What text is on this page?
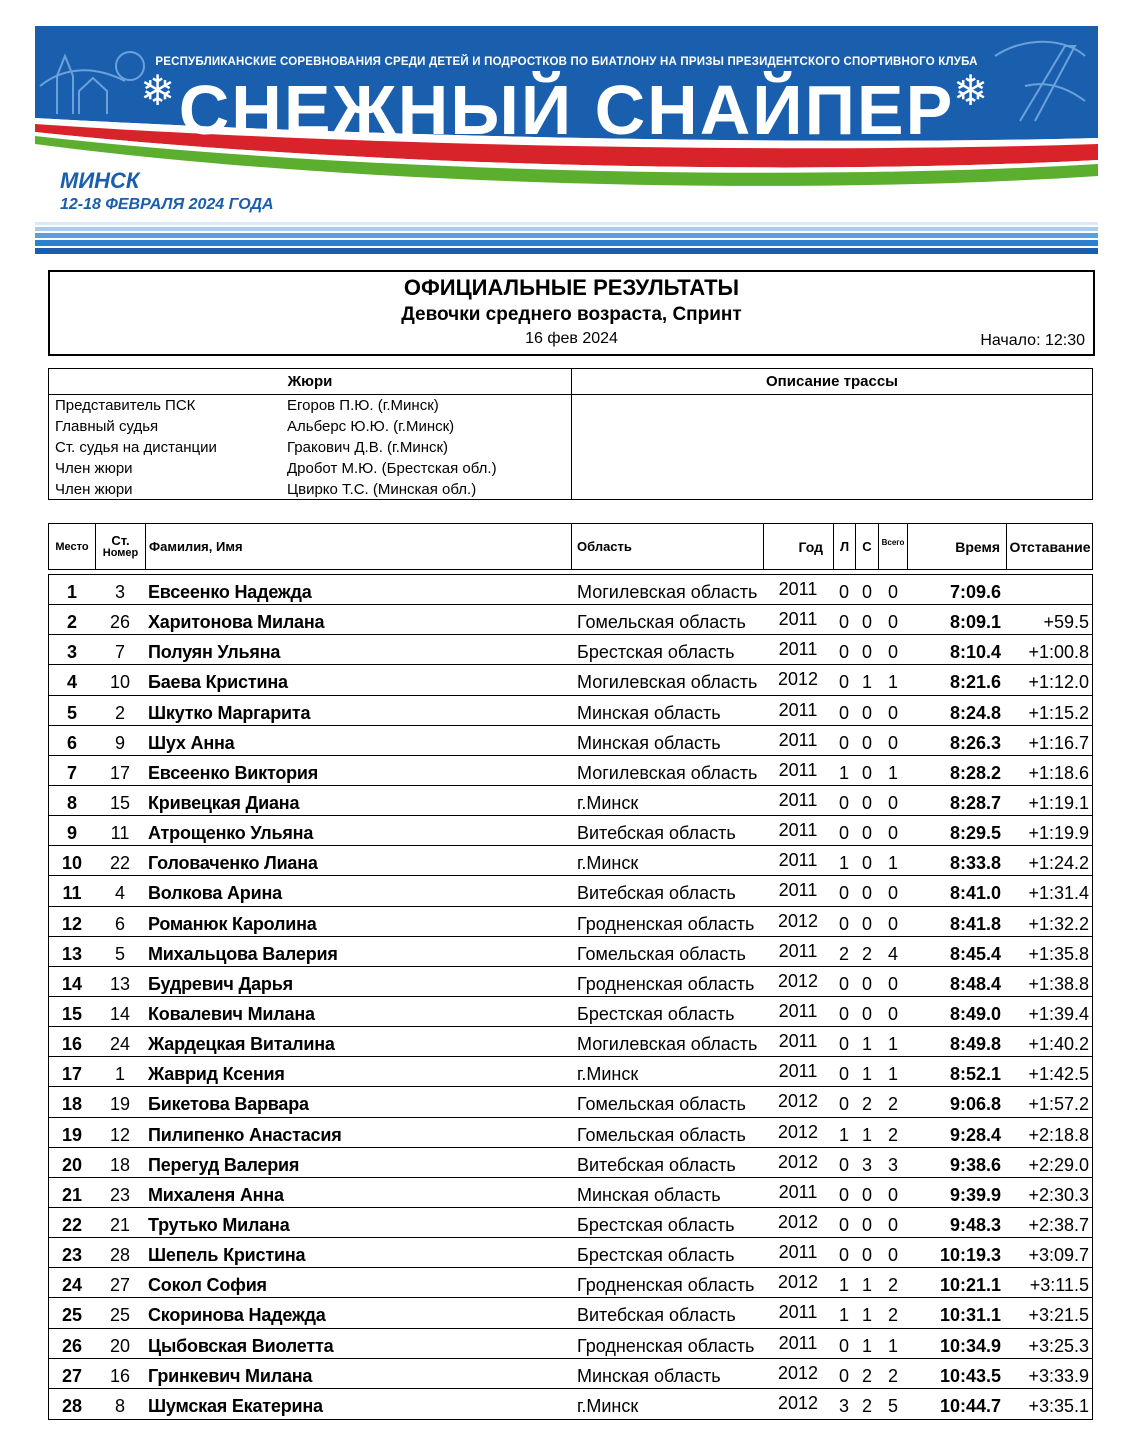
РЕСПУБЛИКАНСКИЕ СОРЕВНОВАНИЯ СРЕДИ ДЕТЕЙ И ПОДРОСТКОВ ПО БИАТЛОНУ НА ПРИЗЫ ПРЕЗИДЕНТСКОГО СПОРТИВНОГО КЛУБА
СНЕЖНЫЙ СНАЙПЕР
❄	❄
МИНСК
12-18 ФЕВРАЛЯ 2024 ГОДА
ОФИЦИАЛЬНЫЕ РЕЗУЛЬТАТЫ
Девочки среднего возраста, Спринт
16 фев 2024	Начало: 12:30
Жюри	Описание трассы
Представитель ПСК	Егоров П.Ю. (г.Минск)
Главный судья	Альберс Ю.Ю. (г.Минск)
Ст. судья на дистанции	Гракович Д.В. (г.Минск)
Член жюри	Дробот М.Ю. (Брестская обл.)
Член жюри	Цвирко Т.С. (Минская обл.)
Место	Ст.
Номер Фамилия, Имя	Область	Год	Л	С	Всего	Время Отставание
1	3	Евсеенко Надежда	Могилевская область	2011	0 0 0	7:09.6
2	26 Харитонова Милана	Гомельская область	2011	0 0 0	8:09.1	+59.5
3	7	Полуян Ульяна	Брестская область	2011	0 0 0	8:10.4	+1:00.8
4	10 Баева Кристина	Могилевская область	2012	0 1 1	8:21.6	+1:12.0
5	2	Шкутко Маргарита	Минская область	2011	0 0 0	8:24.8	+1:15.2
6	9	Шух Анна	Минская область	2011	0 0 0	8:26.3	+1:16.7
7	17 Евсеенко Виктория	Могилевская область	2011	1 0 1	8:28.2	+1:18.6
8	15 Кривецкая Диана	г.Минск	2011	0 0 0	8:28.7	+1:19.1
9	11	Атрощенко Ульяна	Витебская область	2011	0 0 0	8:29.5	+1:19.9
10	22 Головаченко Лиана	г.Минск	2011	1 0 1	8:33.8	+1:24.2
11	4	Волкова Арина	Витебская область	2011	0 0 0	8:41.0	+1:31.4
12	6	Романюк Каролина	Гродненская область	2012	0 0 0	8:41.8	+1:32.2
13	5	Михальцова Валерия	Гомельская область	2011	2 2 4	8:45.4	+1:35.8
14	13 Будревич Дарья	Гродненская область	2012	0 0 0	8:48.4	+1:38.8
15	14 Ковалевич Милана	Брестская область	2011	0 0 0	8:49.0	+1:39.4
16	24 Жардецкая Виталина	Могилевская область	2011	0 1 1	8:49.8	+1:40.2
17	1	Жаврид Ксения	г.Минск	2011	0 1 1	8:52.1	+1:42.5
18	19 Бикетова Варвара	Гомельская область	2012	0 2 2	9:06.8	+1:57.2
19	12 Пилипенко Анастасия	Гомельская область	2012	1 1 2	9:28.4	+2:18.8
20	18 Перегуд Валерия	Витебская область	2012	0 3 3	9:38.6	+2:29.0
21	23 Михаленя Анна	Минская область	2011	0 0 0	9:39.9	+2:30.3
22	21 Трутько Милана	Брестская область	2012	0 0 0	9:48.3	+2:38.7
23	28 Шепель Кристина	Брестская область	2011	0 0 0	10:19.3	+3:09.7
24	27 Сокол София	Гродненская область	2012	1 1 2	10:21.1	+3:11.5
25	25 Скоринова Надежда	Витебская область	2011	1 1 2	10:31.1	+3:21.5
26	20 Цыбовская Виолетта	Гродненская область	2011	0 1 1	10:34.9	+3:25.3
27	16 Гринкевич Милана	Минская область	2012	0 2 2	10:43.5	+3:33.9
28	8	Шумская Екатерина	г.Минск	2012	3 2 5	10:44.7	+3:35.1
